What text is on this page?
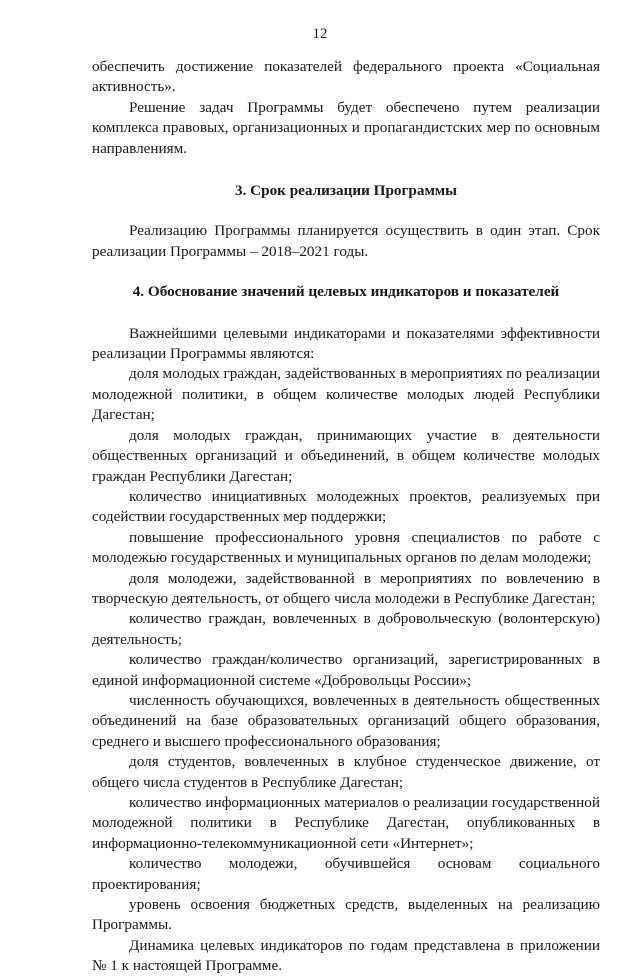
12

обеспечить достижение показателей федерального проекта «Социальная активность».

Решение задач Программы будет обеспечено путем реализации комплекса правовых, организационных и пропагандистских мер по основным направлениям.

3. Срок реализации Программы

Реализацию Программы планируется осуществить в один этап. Срок реализации Программы – 2018–2021 годы.

4. Обоснование значений целевых индикаторов и показателей

Важнейшими целевыми индикаторами и показателями эффективности реализации Программы являются:

доля молодых граждан, задействованных в мероприятиях по реализации молодежной политики, в общем количестве молодых людей Республики Дагестан;

доля молодых граждан, принимающих участие в деятельности общественных организаций и объединений, в общем количестве молодых граждан Республики Дагестан;

количество инициативных молодежных проектов, реализуемых при содействии государственных мер поддержки;

повышение профессионального уровня специалистов по работе с молодежью государственных и муниципальных органов по делам молодежи;

доля молодежи, задействованной в мероприятиях по вовлечению в творческую деятельность, от общего числа молодежи в Республике Дагестан;

количество граждан, вовлеченных в добровольческую (волонтерскую) деятельность;

количество граждан/количество организаций, зарегистрированных в единой информационной системе «Добровольцы России»;

численность обучающихся, вовлеченных в деятельность общественных объединений на базе образовательных организаций общего образования, среднего и высшего профессионального образования;

доля студентов, вовлеченных в клубное студенческое движение, от общего числа студентов в Республике Дагестан;

количество информационных материалов о реализации государственной молодежной политики в Республике Дагестан, опубликованных в информационно-телекоммуникационной сети «Интернет»;

количество молодежи, обучившейся основам социального проектирования;

уровень освоения бюджетных средств, выделенных на реализацию Программы.

Динамика целевых индикаторов по годам представлена в приложении № 1 к настоящей Программе.
